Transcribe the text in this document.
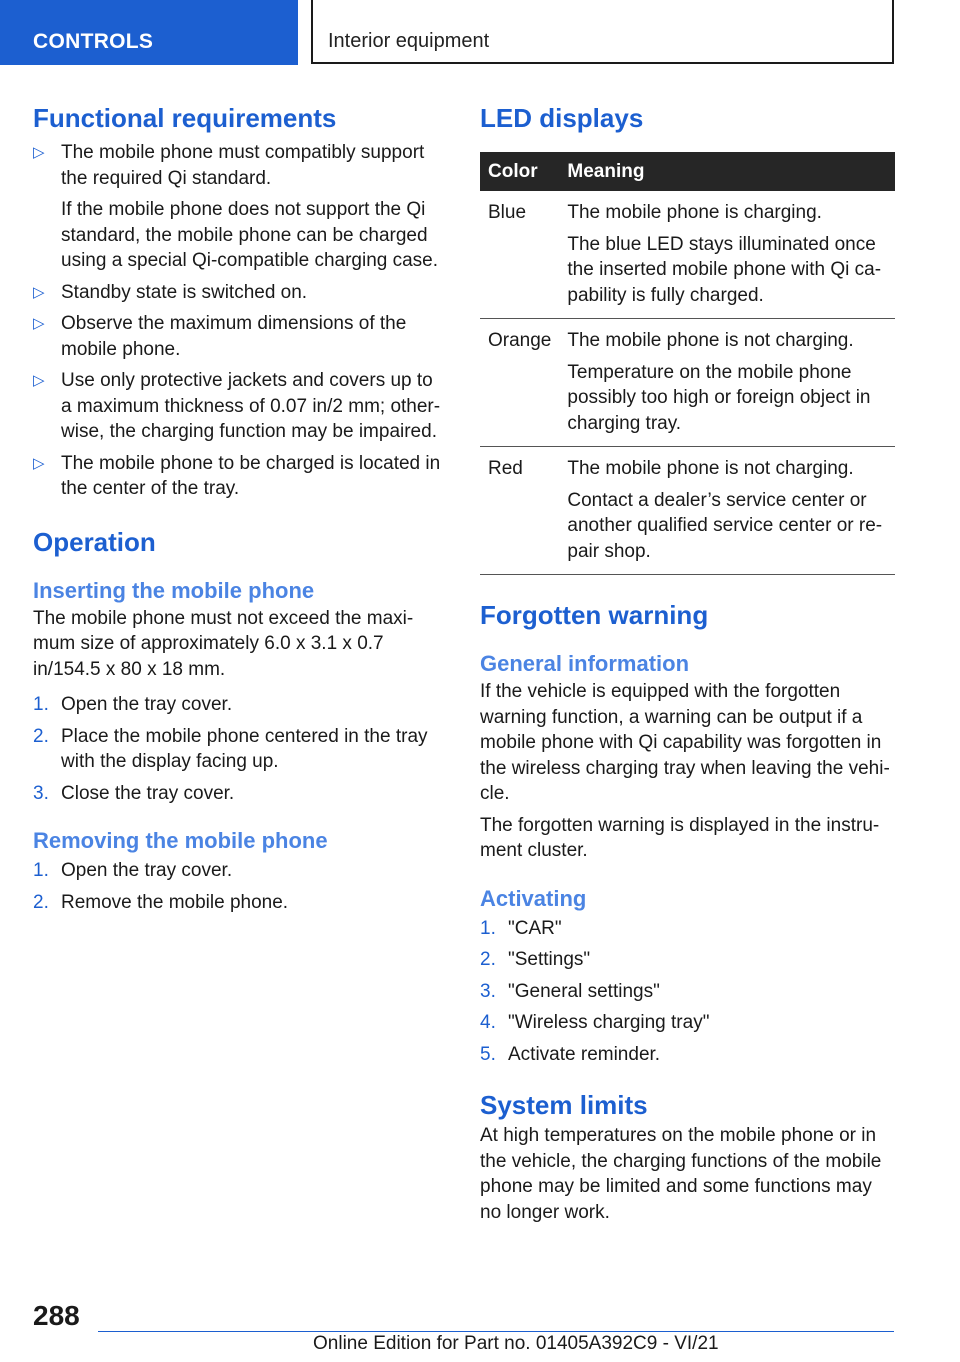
CONTROLS	Interior equipment
Functional requirements
▷ The mobile phone must compatibly support the required Qi standard.
If the mobile phone does not support the Qi standard, the mobile phone can be charged using a special Qi-compatible charging case.
▷ Standby state is switched on.
▷ Observe the maximum dimensions of the mobile phone.
▷ Use only protective jackets and covers up to a maximum thickness of 0.07 in/2 mm; otherwise, the charging function may be impaired.
▷ The mobile phone to be charged is located in the center of the tray.
Operation
Inserting the mobile phone

The mobile phone must not exceed the maximum size of approximately 6.0 x 3.1 x 0.7 in/154.5 x 80 x 18 mm.

1. Open the tray cover.
2. Place the mobile phone centered in the tray with the display facing up.
3. Close the tray cover.
Removing the mobile phone
1. Open the tray cover.
2. Remove the mobile phone.
LED displays
Color	Meaning
Blue	The mobile phone is charging.
The blue LED stays illuminated once the inserted mobile phone with Qi capability is fully charged.

Orange	The mobile phone is not charging.
Temperature on the mobile phone possibly too high or foreign object in charging tray.

Red	The mobile phone is not charging.
Contact a dealer’s service center or another qualified service center or repair shop.
Forgotten warning
General information

If the vehicle is equipped with the forgotten warning function, a warning can be output if a mobile phone with Qi capability was forgotten in the wireless charging tray when leaving the vehicle.

The forgotten warning is displayed in the instrument cluster.

Activating
1. "CAR"
2. "Settings"
3. "General settings"
4. "Wireless charging tray"
5. Activate reminder.
System limits

At high temperatures on the mobile phone or in the vehicle, the charging functions of the mobile phone may be limited and some functions may no longer work.

288
Online Edition for Part no. 01405A392C9 - VI/21
